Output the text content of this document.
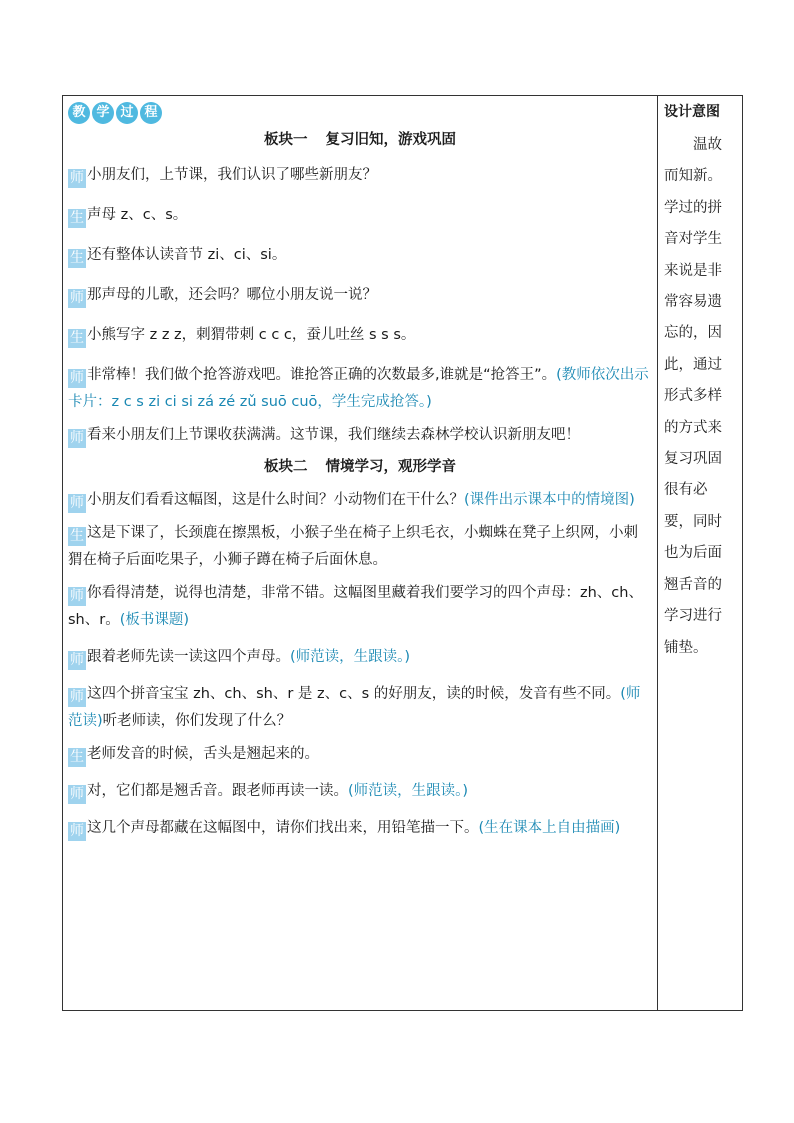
教 学 过 程

板块一 复习旧知，游戏巩固

师 小朋友们，上节课，我们认识了哪些新朋友？

生 声母 z、c、s。

生 还有整体认读音节 zi、ci、si。

师 那声母的儿歌，还会吗？哪位小朋友说一说？

生 小熊写字 z z z，刺猬带刺 c c c，蚕儿吐丝 s s s。

师 非常棒！我们做个抢答游戏吧。谁抢答正确的次数最多,谁就是“抢答王”。(教师依次出示卡片：z c s zi ci si zá zé zǔ suō cuō，学生完成抢答。)

师 看来小朋友们上节课收获满满。这节课，我们继续去森林学校认识新朋友吧！

板块二 情境学习，观形学音

师 小朋友们看看这幅图，这是什么时间？小动物们在干什么？(课件出示课本中的情境图)

生 这是下课了，长颈鹿在擦黑板，小猴子坐在椅子上织毛衣，小蜘蛛在凳子上织网，小刺猬在椅子后面吃果子，小狮子蹲在椅子后面休息。

师 你看得清楚，说得也清楚，非常不错。这幅图里藏着我们要学习的四个声母：zh、ch、sh、r。(板书课题)

师 跟着老师先读一读这四个声母。(师范读，生跟读。)

师 这四个拼音宝宝 zh、ch、sh、r 是 z、c、s 的好朋友，读的时候，发音有些不同。(师范读)听老师读，你们发现了什么？

生 老师发音的时候，舌头是翘起来的。

师 对，它们都是翘舌音。跟老师再读一读。(师范读，生跟读。)

师 这几个声母都藏在这幅图中，请你们找出来，用铅笔描一下。(生在课本上自由描画)

设计意图

温故而知新。学过的拼音对学生来说是非常容易遗忘的，因此，通过形式多样的方式来复习巩固很有必要，同时也为后面翘舌音的学习进行铺垫。
